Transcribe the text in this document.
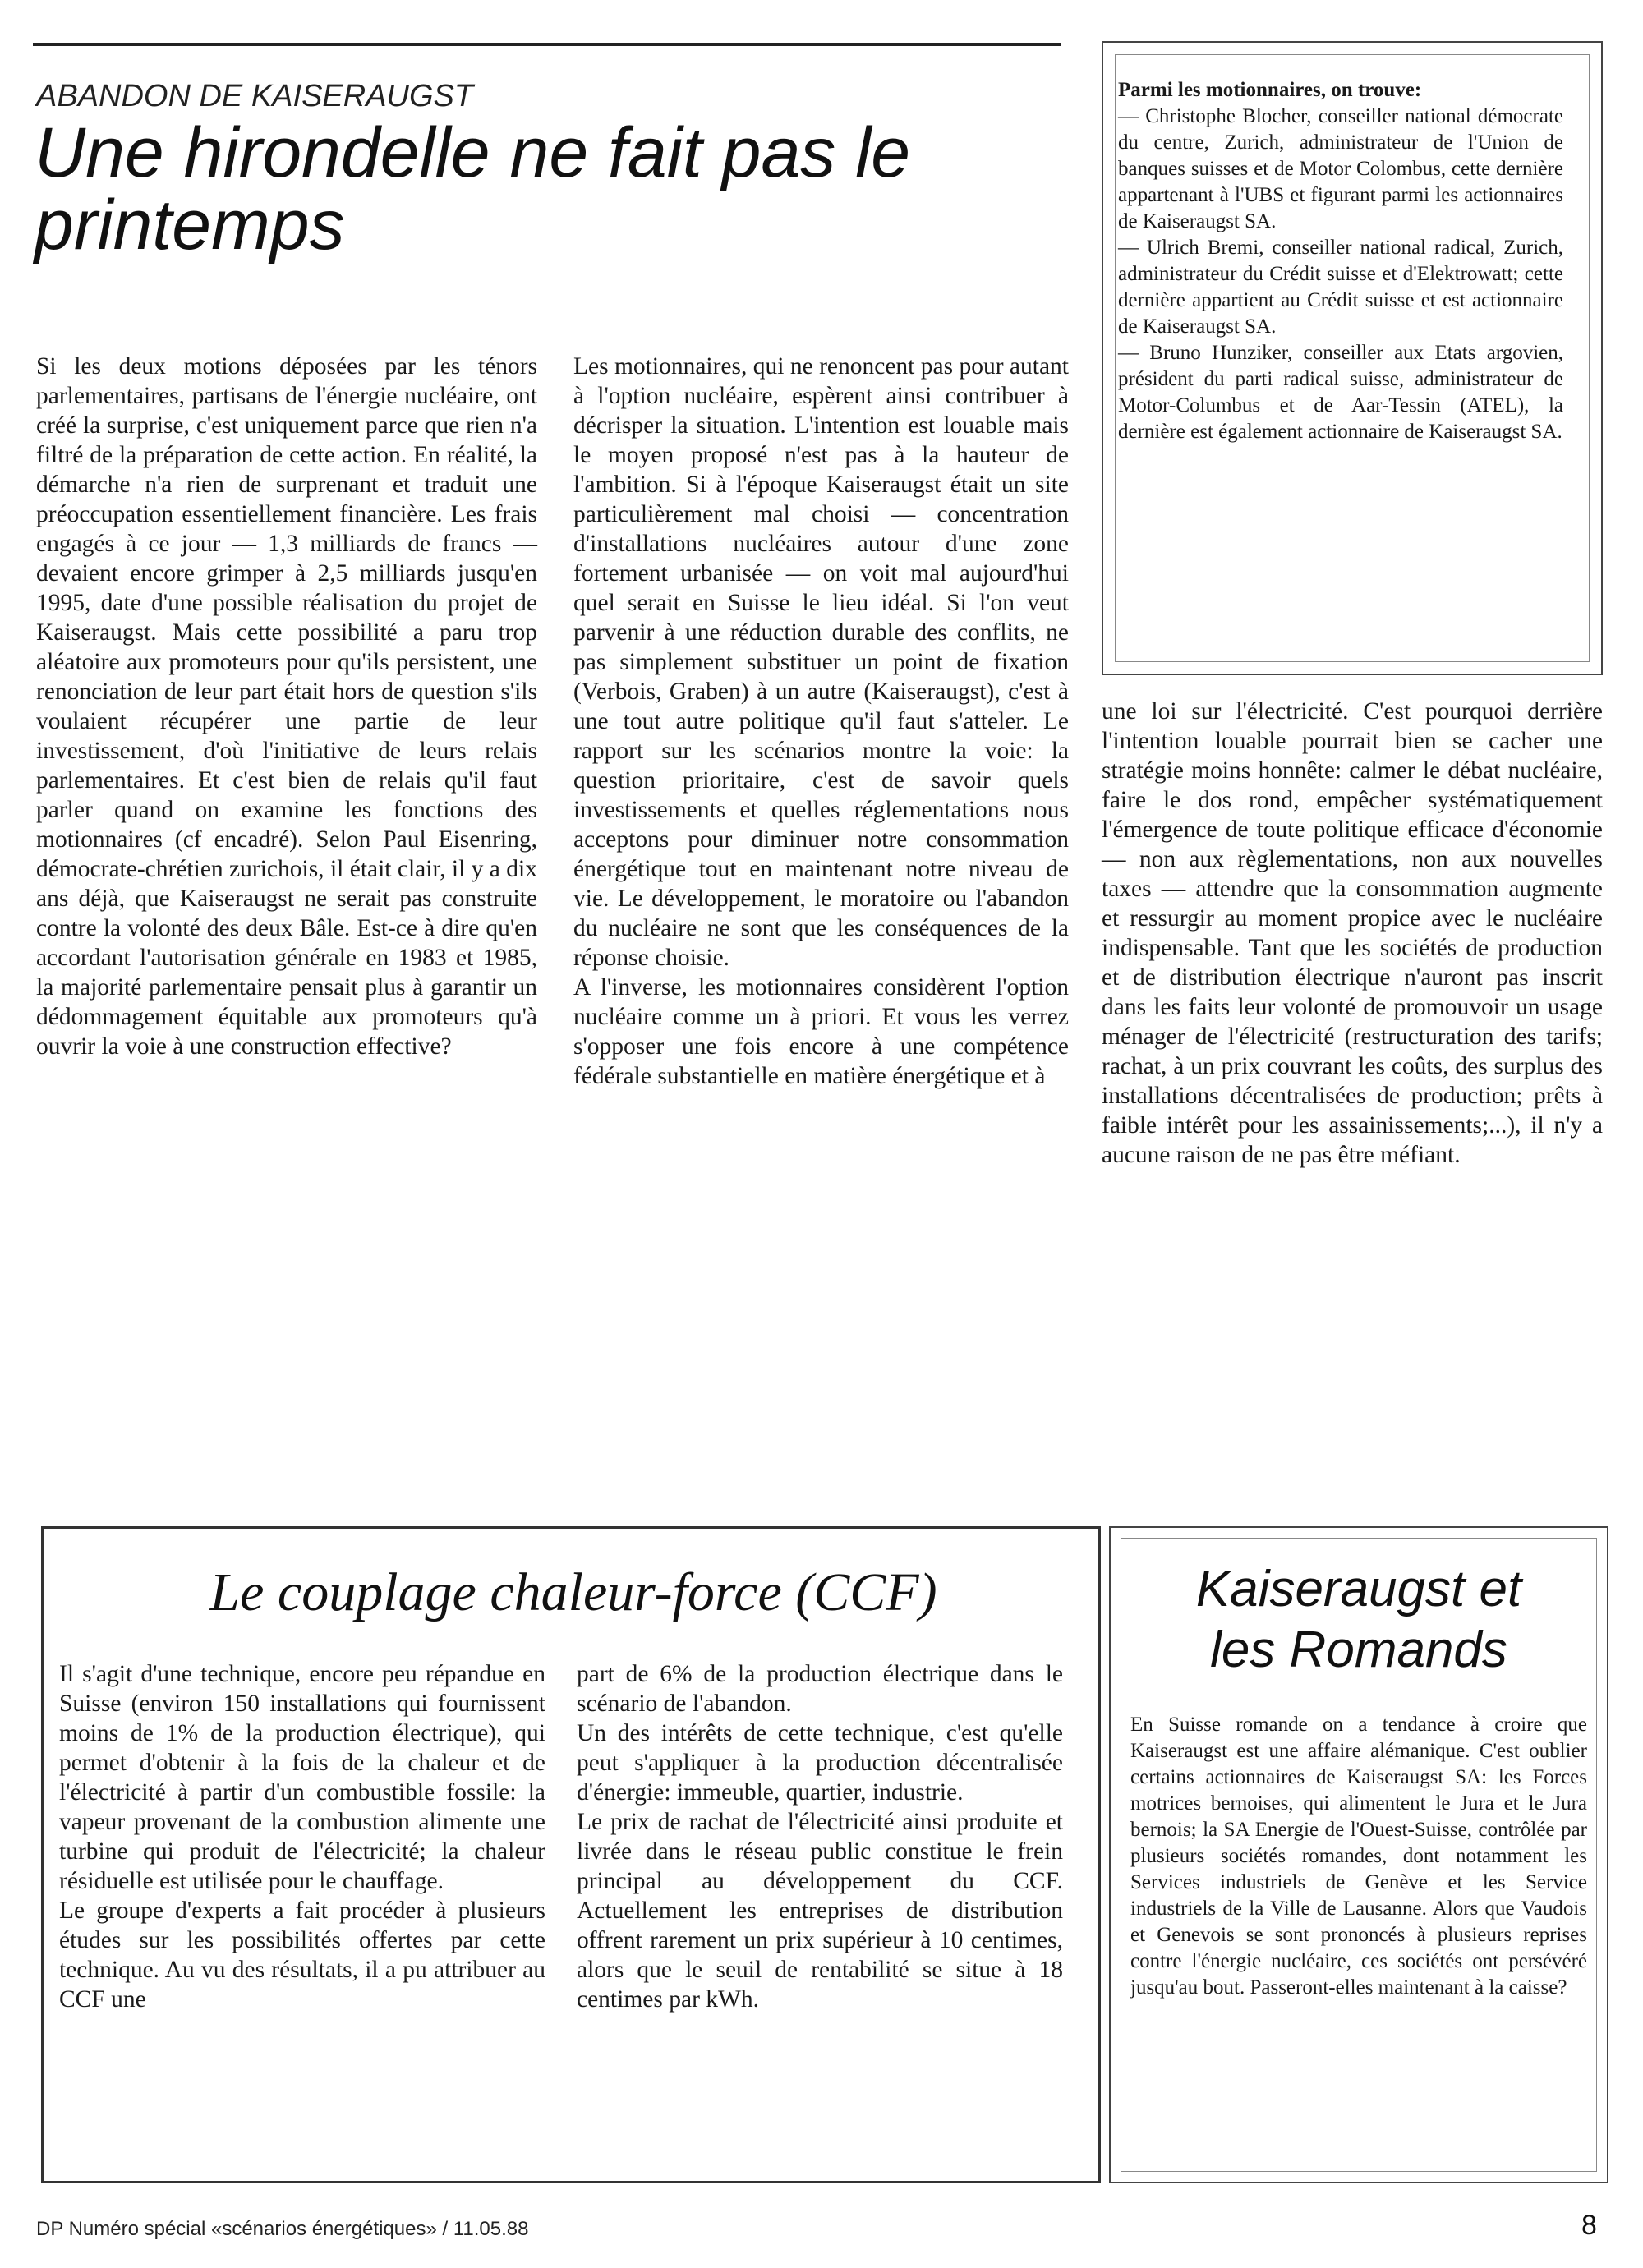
ABANDON DE KAISERAUGST
Une hirondelle ne fait pas le printemps

Si les deux motions déposées par les ténors parlementaires, partisans de l'énergie nucléaire, ont créé la surprise, c'est uniquement parce que rien n'a filtré de la préparation de cette action. En réalité, la démarche n'a rien de surprenant et traduit une préoccupation essentiellement financière. Les frais engagés à ce jour — 1,3 milliards de francs — devaient encore grimper à 2,5 milliards jusqu'en 1995, date d'une possible réalisation du projet de Kaiseraugst. Mais cette possibilité a paru trop aléatoire aux promoteurs pour qu'ils persistent, une renonciation de leur part était hors de question s'ils voulaient récupérer une partie de leur investissement, d'où l'initiative de leurs relais parlementaires. Et c'est bien de relais qu'il faut parler quand on examine les fonctions des motionnaires (cf encadré). Selon Paul Eisenring, démocrate-chrétien zurichois, il était clair, il y a dix ans déjà, que Kaiseraugst ne serait pas construite contre la volonté des deux Bâle. Est-ce à dire qu'en accordant l'autorisation générale en 1983 et 1985, la majorité parlementaire pensait plus à garantir un dédommagement équitable aux promoteurs qu'à ouvrir la voie à une construction effective?

Les motionnaires, qui ne renoncent pas pour autant à l'option nucléaire, espèrent ainsi contribuer à décrisper la situation. L'intention est louable mais le moyen proposé n'est pas à la hauteur de l'ambition. Si à l'époque Kaiseraugst était un site particulièrement mal choisi — concentration d'installations nucléaires autour d'une zone fortement urbanisée — on voit mal aujourd'hui quel serait en Suisse le lieu idéal. Si l'on veut parvenir à une réduction durable des conflits, ne pas simplement substituer un point de fixation (Verbois, Graben) à un autre (Kaiseraugst), c'est à une tout autre politique qu'il faut s'atteler. Le rapport sur les scénarios montre la voie: la question prioritaire, c'est de savoir quels investissements et quelles réglementations nous acceptons pour diminuer notre consommation énergétique tout en maintenant notre niveau de vie. Le développement, le moratoire ou l'abandon du nucléaire ne sont que les conséquences de la réponse choisie.

A l'inverse, les motionnaires considèrent l'option nucléaire comme un à priori. Et vous les verrez s'opposer une fois encore à une compétence fédérale substantielle en matière énergétique et à

une loi sur l'électricité. C'est pourquoi derrière l'intention louable pourrait bien se cacher une stratégie moins honnête: calmer le débat nucléaire, faire le dos rond, empêcher systématiquement l'émergence de toute politique efficace d'économie — non aux règlementations, non aux nouvelles taxes — attendre que la consommation augmente et ressurgir au moment propice avec le nucléaire indispensable. Tant que les sociétés de production et de distribution électrique n'auront pas inscrit dans les faits leur volonté de promouvoir un usage ménager de l'électricité (restructuration des tarifs; rachat, à un prix couvrant les coûts, des surplus des installations décentralisées de production; prêts à faible intérêt pour les assainissements;...), il n'y a aucune raison de ne pas être méfiant.

Parmi les motionnaires, on trouve:

— Christophe Blocher, conseiller national démocrate du centre, Zurich, administrateur de l'Union de banques suisses et de Motor Colombus, cette dernière appartenant à l'UBS et figurant parmi les actionnaires de Kaiseraugst SA.

— Ulrich Bremi, conseiller national radical, Zurich, administrateur du Crédit suisse et d'Elektrowatt; cette dernière appartient au Crédit suisse et est actionnaire de Kaiseraugst SA.

— Bruno Hunziker, conseiller aux Etats argovien, président du parti radical suisse, administrateur de Motor-Columbus et de Aar-Tessin (ATEL), la dernière est également actionnaire de Kaiseraugst SA.

Le couplage chaleur-force (CCF)

Il s'agit d'une technique, encore peu répandue en Suisse (environ 150 installations qui fournissent moins de 1% de la production électrique), qui permet d'obtenir à la fois de la chaleur et de l'électricité à partir d'un combustible fossile: la vapeur provenant de la combustion alimente une turbine qui produit de l'électricité; la chaleur résiduelle est utilisée pour le chauffage.

Le groupe d'experts a fait procéder à plusieurs études sur les possibilités offertes par cette technique. Au vu des résultats, il a pu attribuer au CCF une

part de 6% de la production électrique dans le scénario de l'abandon.

Un des intérêts de cette technique, c'est qu'elle peut s'appliquer à la production décentralisée d'énergie: immeuble, quartier, industrie.

Le prix de rachat de l'électricité ainsi produite et livrée dans le réseau public constitue le frein principal au développement du CCF. Actuellement les entreprises de distribution offrent rarement un prix supérieur à 10 centimes, alors que le seuil de rentabilité se situe à 18 centimes par kWh.

Kaiseraugst et
les Romands
En Suisse romande on a tendance à croire que Kaiseraugst est une affaire alémanique. C'est oublier certains actionnaires de Kaiseraugst SA: les Forces motrices bernoises, qui alimentent le Jura et le Jura bernois; la SA Energie de l'Ouest-Suisse, contrôlée par plusieurs sociétés romandes, dont notamment les Services industriels de Genève et les Service industriels de la Ville de Lausanne. Alors que Vaudois et Genevois se sont prononcés à plusieurs reprises contre l'énergie nucléaire, ces sociétés ont persévéré jusqu'au bout. Passeront-elles maintenant à la caisse?
DP Numéro spécial «scénarios énergétiques» / 11.05.88	8
